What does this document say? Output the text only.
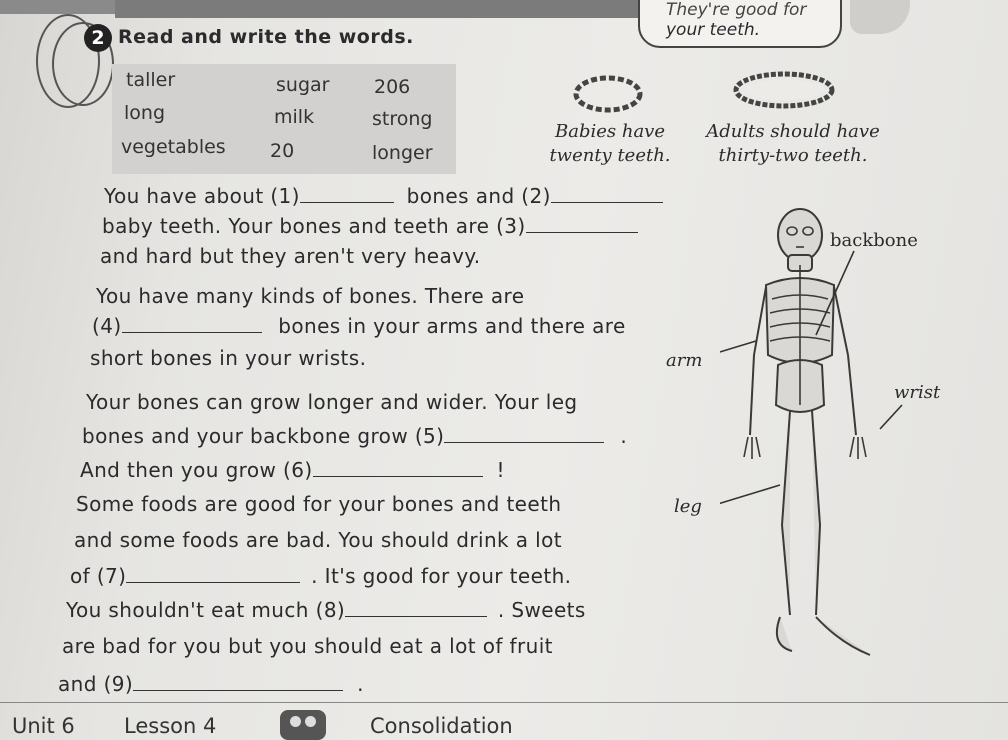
2 Read and write the words.
They're good for
your teeth.
taller	sugar 206
long	milk	strong
vegetables 20	longer
Babies have
twenty teeth.
Adults should have
thirty-two teeth.
You have about (1)	bones and (2)
baby teeth. Your bones and teeth are (3)
and hard but they aren't very heavy.
You have many kinds of bones. There are
(4)	bones in your arms and there are
short bones in your wrists.
Your bones can grow longer and wider. Your leg
bones and your backbone grow (5)	.
And then you grow (6)	!
Some foods are good for your bones and teeth
and some foods are bad. You should drink a lot
of (7)	. It's good for your teeth.
You shouldn't eat much (8)	. Sweets
are bad for you but you should eat a lot of fruit
and (9)	.
backbone
arm
wrist
leg
Unit 6 Lesson 4	Consolidation
